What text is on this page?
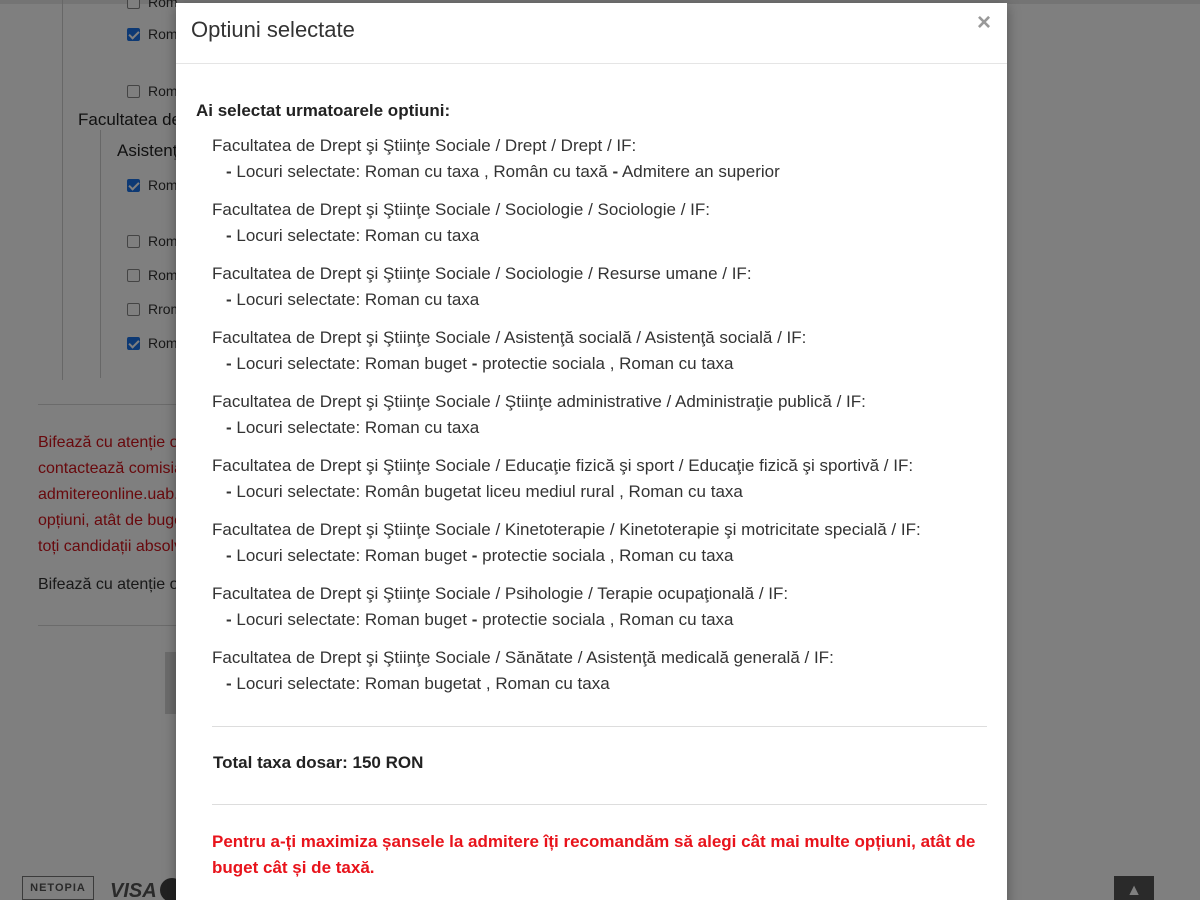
Optiuni selectate	×
Ai selectat urmatoarele optiuni:
Facultatea de Drept şi Ştiinţe Sociale / Drept / Drept / IF:
- Locuri selectate: Roman cu taxa , Român cu taxă - Admitere an superior
Facultatea de Drept şi Ştiinţe Sociale / Sociologie / Sociologie / IF:
- Locuri selectate: Roman cu taxa
Facultatea de Drept şi Ştiinţe Sociale / Sociologie / Resurse umane / IF:
- Locuri selectate: Roman cu taxa
Facultatea de Drept şi Ştiinţe Sociale / Asistenţă socială / Asistenţă socială / IF:
- Locuri selectate: Roman buget - protectie sociala , Roman cu taxa
Facultatea de Drept şi Ştiinţe Sociale / Ştiinţe administrative / Administraţie publică / IF:
- Locuri selectate: Roman cu taxa
Facultatea de Drept şi Ştiinţe Sociale / Educaţie fizică şi sport / Educaţie fizică şi sportivă / IF:
- Locuri selectate: Român bugetat liceu mediul rural , Roman cu taxa
Facultatea de Drept şi Ştiinţe Sociale / Kinetoterapie / Kinetoterapie şi motricitate specială / IF:
- Locuri selectate: Roman buget - protectie sociala , Roman cu taxa
Facultatea de Drept şi Ştiinţe Sociale / Psihologie / Terapie ocupaţională / IF:
- Locuri selectate: Roman buget - protectie sociala , Roman cu taxa
Facultatea de Drept şi Ştiinţe Sociale / Sănătate / Asistenţă medicală generală / IF:
- Locuri selectate: Roman bugetat , Roman cu taxa
Total taxa dosar: 150 RON
Pentru a-ți maximiza șansele la admitere îți recomandăm să alegi cât mai multe opțiuni, atât de buget cât și de taxă.
